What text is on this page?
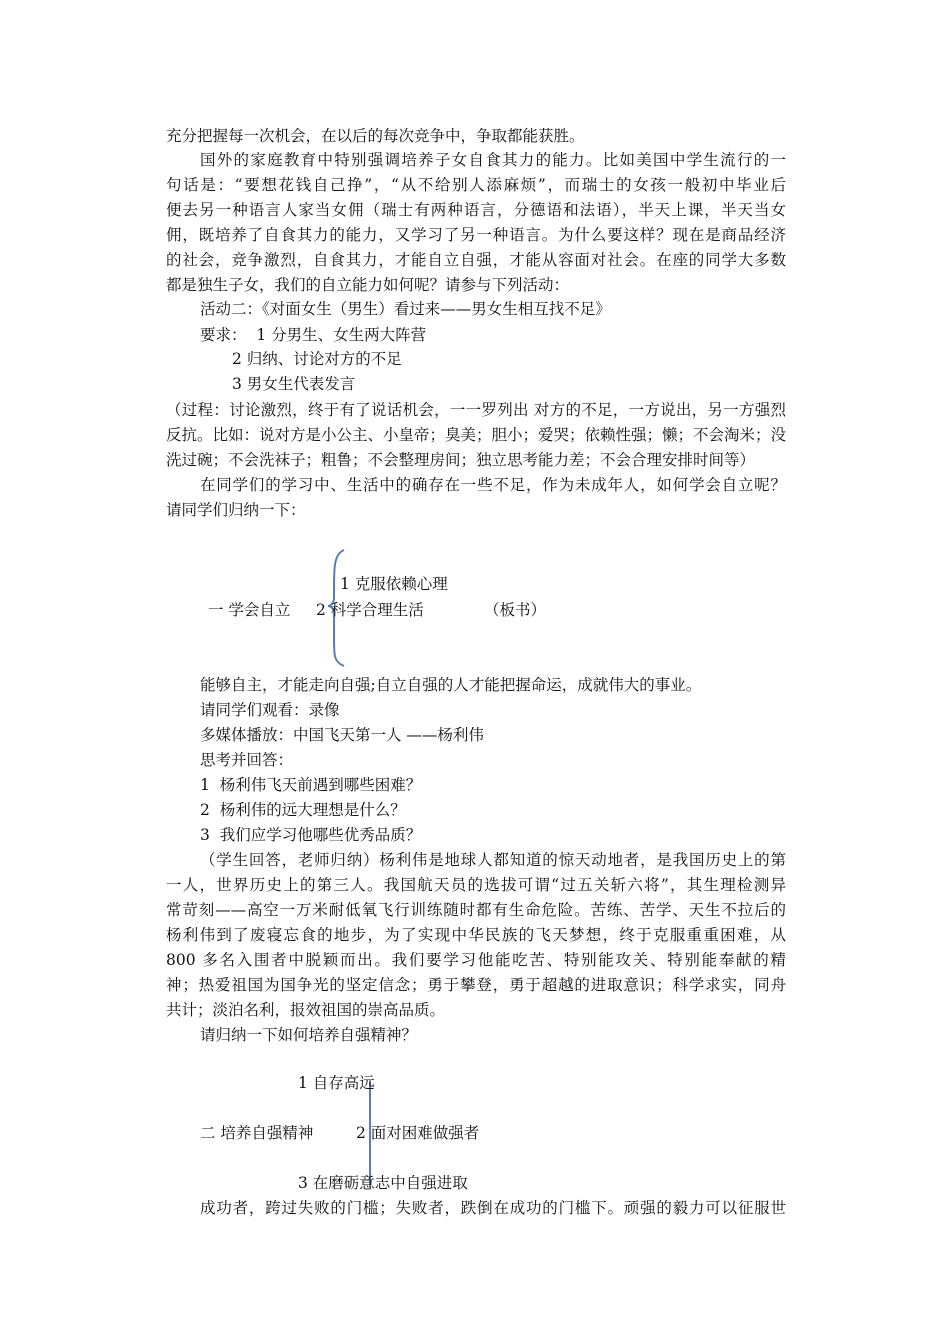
充分把握每一次机会，在以后的每次竞争中，争取都能获胜。
国外的家庭教育中特别强调培养子女自食其力的能力。比如美国中学生流行的一
句话是：“要想花钱自己挣”，“从不给别人添麻烦”，而瑞士的女孩一般初中毕业后
便去另一种语言人家当女佣（瑞士有两种语言，分德语和法语），半天上课，半天当女
佣，既培养了自食其力的能力，又学习了另一种语言。为什么要这样？现在是商品经济
的社会，竞争激烈，自食其力，才能自立自强，才能从容面对社会。在座的同学大多数
都是独生子女，我们的自立能力如何呢？请参与下列活动：
活动二：《对面女生（男生）看过来——男女生相互找不足》
要求：  1 分男生、女生两大阵营
2 归纳、讨论对方的不足
3 男女生代表发言
（过程：讨论激烈，终于有了说话机会，一一罗列出 对方的不足，一方说出，另一方强烈
反抗。比如：说对方是小公主、小皇帝；臭美；胆小；爱哭；依赖性强；懒；不会淘米；没
洗过碗；不会洗袜子；粗鲁；不会整理房间；独立思考能力差；不会合理安排时间等）
在同学们的学习中、生活中的确存在一些不足，作为未成年人，如何学会自立呢？
请同学们归纳一下：
1 克服依赖心理
一 学会自立 2 科学合理生活	（板书）
能够自主，才能走向自强;自立自强的人才能把握命运，成就伟大的事业。
请同学们观看：录像
多媒体播放：中国飞天第一人 ——杨利伟
思考并回答：
1  杨利伟飞天前遇到哪些困难？
2  杨利伟的远大理想是什么？
3  我们应学习他哪些优秀品质？
（学生回答，老师归纳）杨利伟是地球人都知道的惊天动地者，是我国历史上的第
一人，世界历史上的第三人。我国航天员的选拔可谓“过五关斩六将”，其生理检测异
常苛刻——高空一万米耐低氧飞行训练随时都有生命危险。苦练、苦学、天生不拉后的
杨利伟到了废寝忘食的地步，为了实现中华民族的飞天梦想，终于克服重重困难，从
800 多名入围者中脱颖而出。我们要学习他能吃苦、特别能攻关、特别能奉献的精
神；热爱祖国为国争光的坚定信念；勇于攀登，勇于超越的进取意识；科学求实，同舟
共计；淡泊名利，报效祖国的崇高品质。
请归纳一下如何培养自强精神？
1 自存高远
二 培养自强精神	2 面对困难做强者
3 在磨砺意志中自强进取
成功者，跨过失败的门槛；失败者，跌倒在成功的门槛下。顽强的毅力可以征服世
